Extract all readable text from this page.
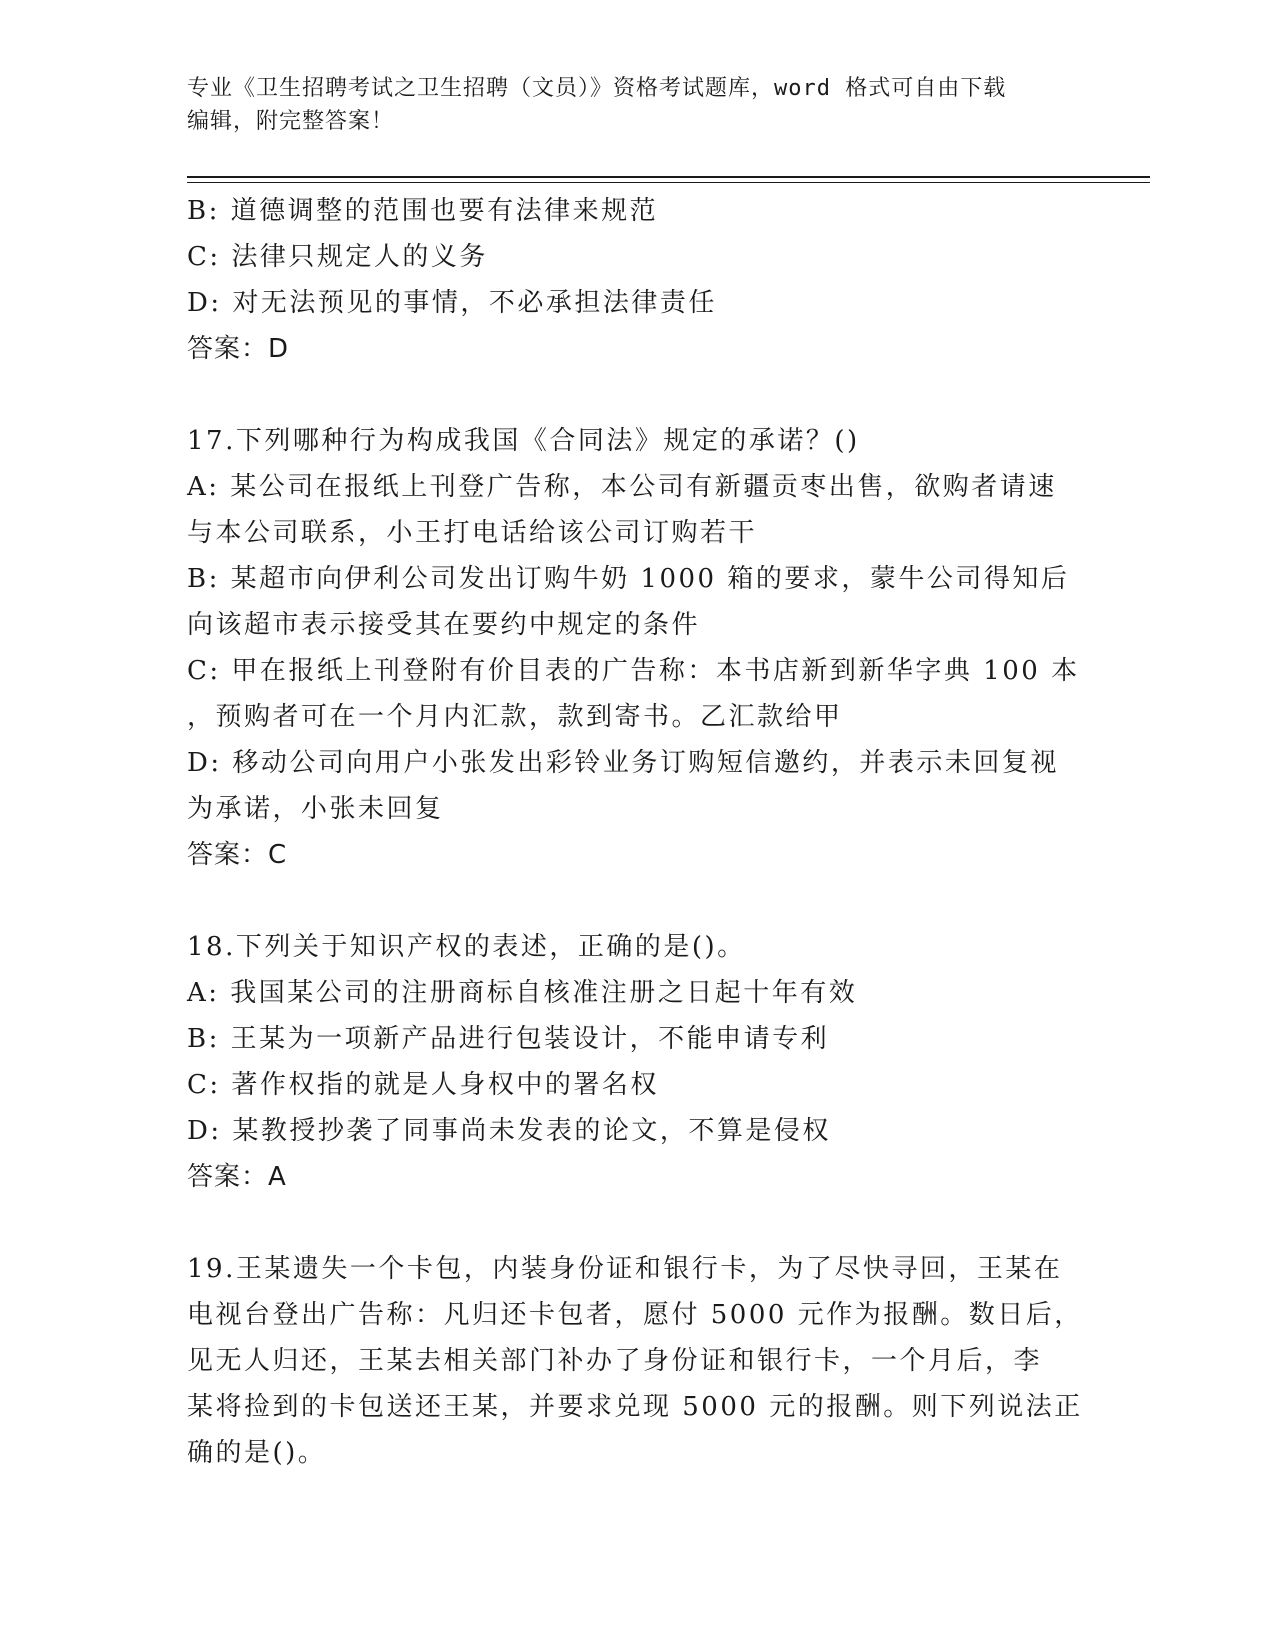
专业《卫生招聘考试之卫生招聘（文员）》资格考试题库，word 格式可自由下载
编辑，附完整答案！
B: 道德调整的范围也要有法律来规范
C: 法律只规定人的义务
D: 对无法预见的事情，不必承担法律责任
答案：D
17.下列哪种行为构成我国《合同法》规定的承诺？()
A: 某公司在报纸上刊登广告称，本公司有新疆贡枣出售，欲购者请速
与本公司联系，小王打电话给该公司订购若干
B: 某超市向伊利公司发出订购牛奶 1000 箱的要求，蒙牛公司得知后
向该超市表示接受其在要约中规定的条件
C: 甲在报纸上刊登附有价目表的广告称：本书店新到新华字典 100 本
，预购者可在一个月内汇款，款到寄书。乙汇款给甲
D: 移动公司向用户小张发出彩铃业务订购短信邀约，并表示未回复视
为承诺，小张未回复
答案：C
18.下列关于知识产权的表述，正确的是()。
A: 我国某公司的注册商标自核准注册之日起十年有效
B: 王某为一项新产品进行包装设计，不能申请专利
C: 著作权指的就是人身权中的署名权
D: 某教授抄袭了同事尚未发表的论文，不算是侵权
答案：A
19.王某遗失一个卡包，内装身份证和银行卡，为了尽快寻回，王某在
电视台登出广告称：凡归还卡包者，愿付 5000 元作为报酬。数日后，
见无人归还，王某去相关部门补办了身份证和银行卡，一个月后，李
某将捡到的卡包送还王某，并要求兑现 5000 元的报酬。则下列说法正
确的是()。
